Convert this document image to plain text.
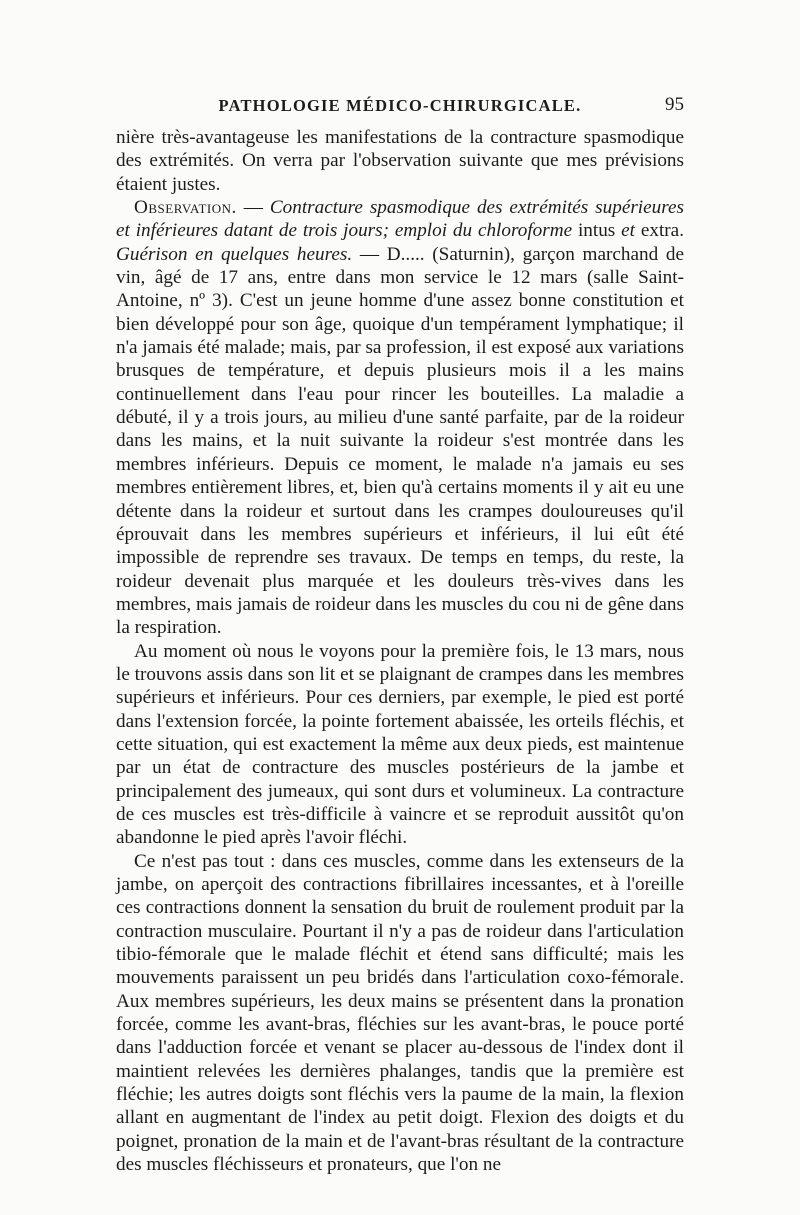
PATHOLOGIE MÉDICO-CHIRURGICALE.	95

nière très-avantageuse les manifestations de la contracture spasmodique des extrémités. On verra par l'observation suivante que mes prévisions étaient justes.

Observation. — Contracture spasmodique des extrémités supérieures et inférieures datant de trois jours; emploi du chloroforme intus et extra. Guérison en quelques heures. — D..... (Saturnin), garçon marchand de vin, âgé de 17 ans, entre dans mon service le 12 mars (salle Saint-Antoine, nº 3). C'est un jeune homme d'une assez bonne constitution et bien développé pour son âge, quoique d'un tempérament lymphatique; il n'a jamais été malade; mais, par sa profession, il est exposé aux variations brusques de température, et depuis plusieurs mois il a les mains continuellement dans l'eau pour rincer les bouteilles. La maladie a débuté, il y a trois jours, au milieu d'une santé parfaite, par de la roideur dans les mains, et la nuit suivante la roideur s'est montrée dans les membres inférieurs. Depuis ce moment, le malade n'a jamais eu ses membres entièrement libres, et, bien qu'à certains moments il y ait eu une détente dans la roideur et surtout dans les crampes douloureuses qu'il éprouvait dans les membres supérieurs et inférieurs, il lui eût été impossible de reprendre ses travaux. De temps en temps, du reste, la roideur devenait plus marquée et les douleurs très-vives dans les membres, mais jamais de roideur dans les muscles du cou ni de gêne dans la respiration.

Au moment où nous le voyons pour la première fois, le 13 mars, nous le trouvons assis dans son lit et se plaignant de crampes dans les membres supérieurs et inférieurs. Pour ces derniers, par exemple, le pied est porté dans l'extension forcée, la pointe fortement abaissée, les orteils fléchis, et cette situation, qui est exactement la même aux deux pieds, est maintenue par un état de contracture des muscles postérieurs de la jambe et principalement des jumeaux, qui sont durs et volumineux. La contracture de ces muscles est très-difficile à vaincre et se reproduit aussitôt qu'on abandonne le pied après l'avoir fléchi.

Ce n'est pas tout : dans ces muscles, comme dans les extenseurs de la jambe, on aperçoit des contractions fibrillaires incessantes, et à l'oreille ces contractions donnent la sensation du bruit de roulement produit par la contraction musculaire. Pourtant il n'y a pas de roideur dans l'articulation tibio-fémorale que le malade fléchit et étend sans difficulté; mais les mouvements paraissent un peu bridés dans l'articulation coxo-fémorale. Aux membres supérieurs, les deux mains se présentent dans la pronation forcée, comme les avant-bras, fléchies sur les avant-bras, le pouce porté dans l'adduction forcée et venant se placer au-dessous de l'index dont il maintient relevées les dernières phalanges, tandis que la première est fléchie; les autres doigts sont fléchis vers la paume de la main, la flexion allant en augmentant de l'index au petit doigt. Flexion des doigts et du poignet, pronation de la main et de l'avant-bras résultant de la contracture des muscles fléchisseurs et pronateurs, que l'on ne
